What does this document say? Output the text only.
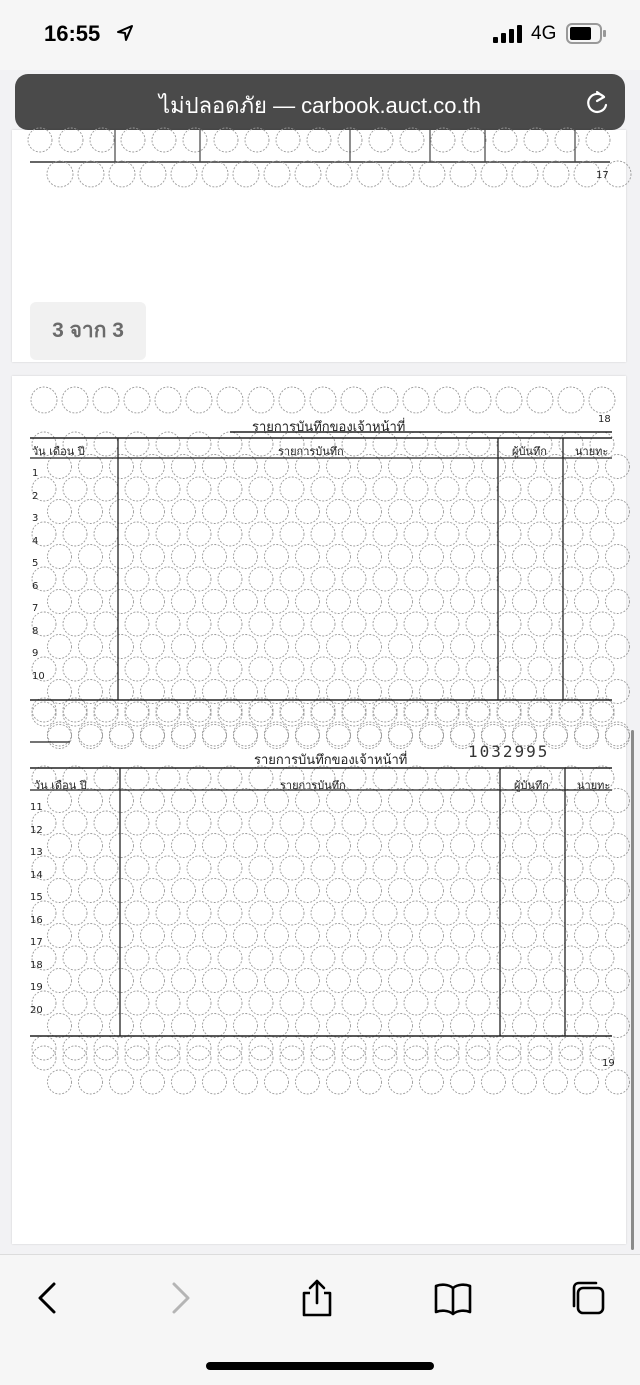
16:55	4G
ไม่ปลอดภัย — carbook.auct.co.th
17
รายการบันทึกของเจ้าหน้าที่
18
วัน เดือน ปี	รายการบันทึก	ผู้บันทึก	นายทะ
1
2
3
4
5
6
7
8
9
10
รายการบันทึกของเจ้าหน้าที่	1032995
วัน เดือน ปี	รายการบันทึก	ผู้บันทึก	นายทะ
11
12
13
14
15
16
17
18
19
20
19
3 จาก 3
